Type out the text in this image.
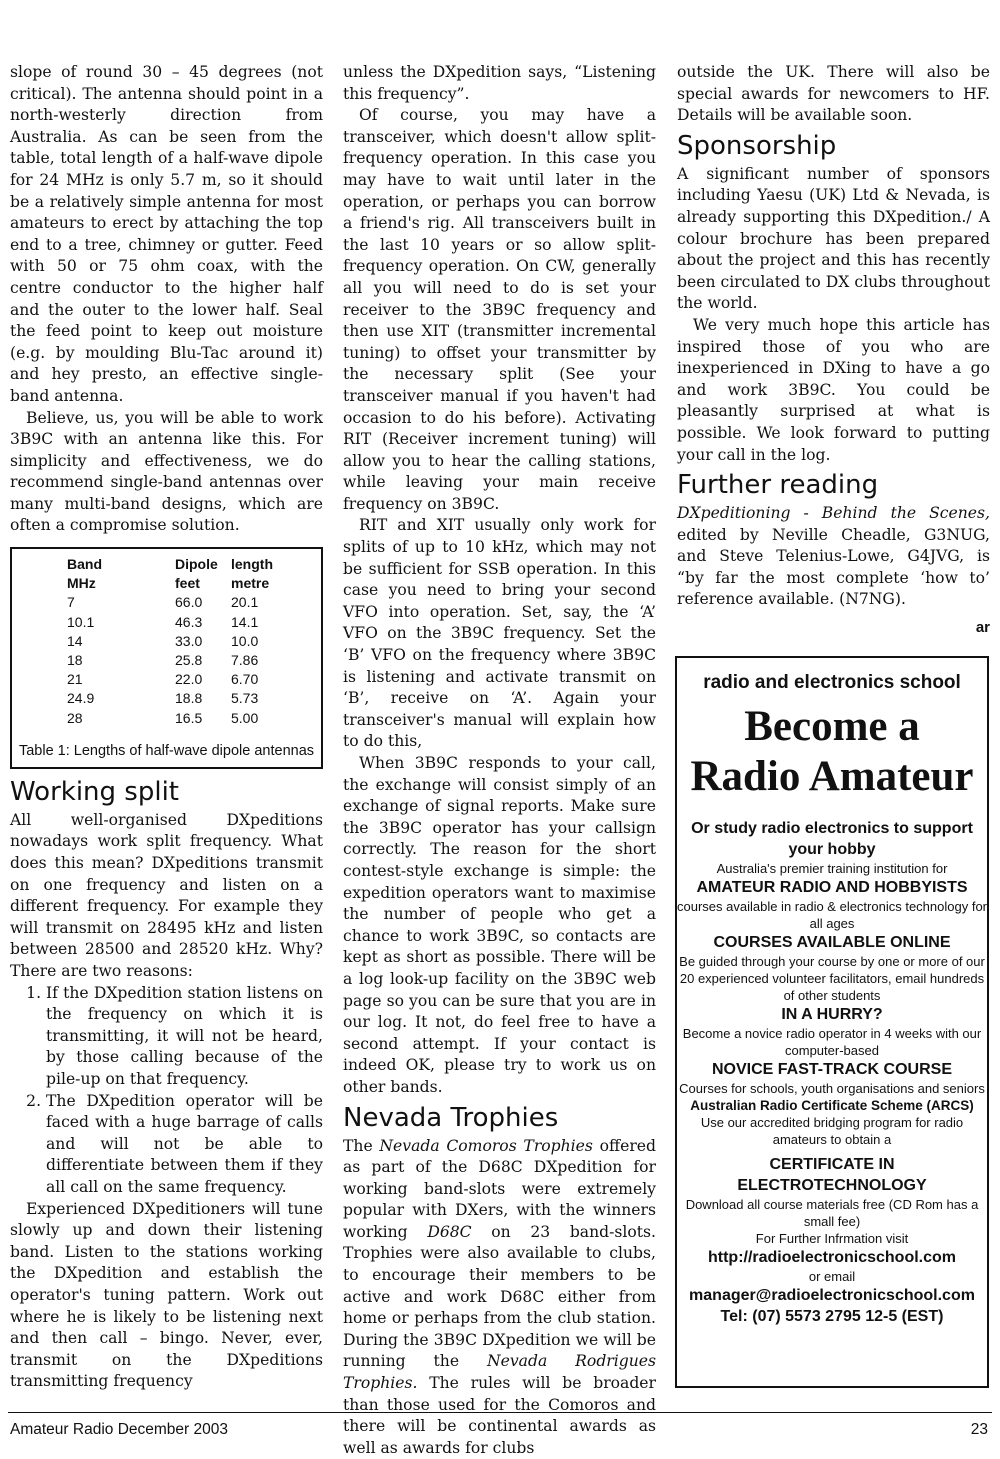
slope of round 30 – 45 degrees (not critical). The antenna should point in a north-westerly direction from Australia. As can be seen from the table, total length of a half-wave dipole for 24 MHz is only 5.7 m, so it should be a relatively simple antenna for most amateurs to erect by attaching the top end to a tree, chimney or gutter. Feed with 50 or 75 ohm coax, with the centre conductor to the higher half and the outer to the lower half. Seal the feed point to keep out moisture (e.g. by moulding Blu-Tac around it) and hey presto, an effective single-band antenna.

Believe, us, you will be able to work 3B9C with an antenna like this. For simplicity and effectiveness, we do recommend single-band antennas over many multi-band designs, which are often a compromise solution.

Band	Dipole length
MHz	feet	metre
7	66.0	20.1
10.1	46.3	14.1
14	33.0	10.0
18	25.8	7.86
21	22.0	6.70
24.9	18.8	5.73
28	16.5	5.00
Table 1: Lengths of half-wave dipole antennas
Working split

All well-organised DXpeditions nowadays work split frequency. What does this mean? DXpeditions transmit on one frequency and listen on a different frequency. For example they will transmit on 28495 kHz and listen between 28500 and 28520 kHz. Why? There are two reasons:

1. If the DXpedition station listens on the frequency on which it is transmitting, it will not be heard, by those calling because of the pile-up on that frequency.
2. The DXpedition operator will be faced with a huge barrage of calls and will not be able to differentiate between them if they all call on the same frequency.

Experienced DXpeditioners will tune slowly up and down their listening band. Listen to the stations working the DXpedition and establish the operator's tuning pattern. Work out where he is likely to be listening next and then call – bingo. Never, ever, transmit on the DXpeditions transmitting frequency

unless the DXpedition says, “Listening this frequency”.

Of course, you may have a transceiver, which doesn't allow split-frequency operation. In this case you may have to wait until later in the operation, or perhaps you can borrow a friend's rig. All transceivers built in the last 10 years or so allow split-frequency operation. On CW, generally all you will need to do is set your receiver to the 3B9C frequency and then use XIT (transmitter incremental tuning) to offset your transmitter by the necessary split (See your transceiver manual if you haven't had occasion to do his before). Activating RIT (Receiver increment tuning) will allow you to hear the calling stations, while leaving your main receive frequency on 3B9C.

RIT and XIT usually only work for splits of up to 10 kHz, which may not be sufficient for SSB operation. In this case you need to bring your second VFO into operation. Set, say, the ‘A’ VFO on the 3B9C frequency. Set the ‘B’ VFO on the frequency where 3B9C is listening and activate transmit on ‘B’, receive on ‘A’. Again your transceiver's manual will explain how to do this,

When 3B9C responds to your call, the exchange will consist simply of an exchange of signal reports. Make sure the 3B9C operator has your callsign correctly. The reason for the short contest-style exchange is simple: the expedition operators want to maximise the number of people who get a chance to work 3B9C, so contacts are kept as short as possible. There will be a log look-up facility on the 3B9C web page so you can be sure that you are in our log. It not, do feel free to have a second attempt. If your contact is indeed OK, please try to work us on other bands.

Nevada Trophies

The Nevada Comoros Trophies offered as part of the D68C DXpedition for working band-slots were extremely popular with DXers, with the winners working D68C on 23 band-slots. Trophies were also available to clubs, to encourage their members to be active and work D68C either from home or perhaps from the club station. During the 3B9C DXpedition we will be running the Nevada Rodrigues Trophies. The rules will be broader than those used for the Comoros and there will be continental awards as well as awards for clubs

outside the UK. There will also be special awards for newcomers to HF. Details will be available soon.

Sponsorship

A significant number of sponsors including Yaesu (UK) Ltd & Nevada, is already supporting this DXpedition./ A colour brochure has been prepared about the project and this has recently been circulated to DX clubs throughout the world.

We very much hope this article has inspired those of you who are inexperienced in DXing to have a go and work 3B9C. You could be pleasantly surprised at what is possible. We look forward to putting your call in the log.

Further reading

DXpeditioning - Behind the Scenes, edited by Neville Cheadle, G3NUG, and Steve Telenius-Lowe, G4JVG, is “by far the most complete ‘how to’ reference available. (N7NG).

ar
radio and electronics school
Become a
Radio Amateur
Or study radio electronics to support your hobby
Australia's premier training institution for
AMATEUR RADIO AND HOBBYISTS
courses available in radio & electronics technology for all ages
COURSES AVAILABLE ONLINE
Be guided through your course by one or more of our 20 experienced volunteer facilitators, email hundreds of other students
IN A HURRY?
Become a novice radio operator in 4 weeks with our computer-based
NOVICE FAST-TRACK COURSE
Courses for schools, youth organisations and seniors
Australian Radio Certificate Scheme (ARCS)
Use our accredited bridging program for radio amateurs to obtain a
CERTIFICATE IN ELECTROTECHNOLOGY
Download all course materials free (CD Rom has a small fee)
For Further Infrmation visit
http://radioelectronicschool.com
or email
manager@radioelectronicschool.com
Tel: (07) 5573 2795 12-5 (EST)
Amateur Radio December 2003	23
